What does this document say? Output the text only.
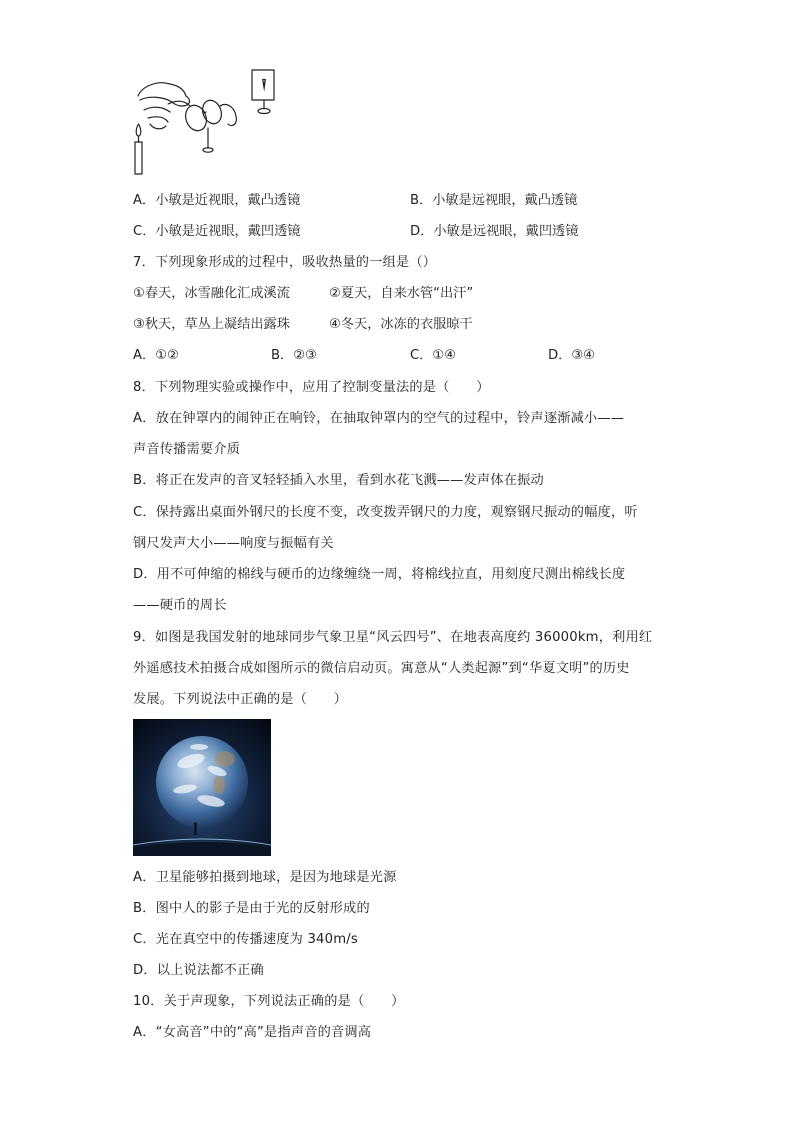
A．小敏是近视眼，戴凸透镜	B．小敏是远视眼，戴凸透镜
C．小敏是近视眼，戴凹透镜	D．小敏是远视眼，戴凹透镜
7．下列现象形成的过程中，吸收热量的一组是（）
①春天，冰雪融化汇成溪流	②夏天，自来水管“出汗”
③秋天，草丛上凝结出露珠	④冬天，冰冻的衣服晾干
A．①②	B．②③	C．①④	D．③④
8．下列物理实验或操作中，应用了控制变量法的是（　　）
A．放在钟罩内的闹钟正在响铃，在抽取钟罩内的空气的过程中，铃声逐渐减小——
声音传播需要介质
B．将正在发声的音叉轻轻插入水里，看到水花飞溅——发声体在振动
C．保持露出桌面外钢尺的长度不变，改变拨弄钢尺的力度，观察钢尺振动的幅度，听
钢尺发声大小——响度与振幅有关
D．用不可伸缩的棉线与硬币的边缘缠绕一周，将棉线拉直，用刻度尺测出棉线长度
——硬币的周长
9．如图是我国发射的地球同步气象卫星“风云四号”、在地表高度约 36000km，利用红
外遥感技术拍摄合成如图所示的微信启动页。寓意从“人类起源”到“华夏文明”的历史
发展。下列说法中正确的是（　　）
A．卫星能够拍摄到地球，是因为地球是光源
B．图中人的影子是由于光的反射形成的
C．光在真空中的传播速度为 340m/s
D．以上说法都不正确
10．关于声现象，下列说法正确的是（　　）
A．“女高音”中的“高”是指声音的音调高
